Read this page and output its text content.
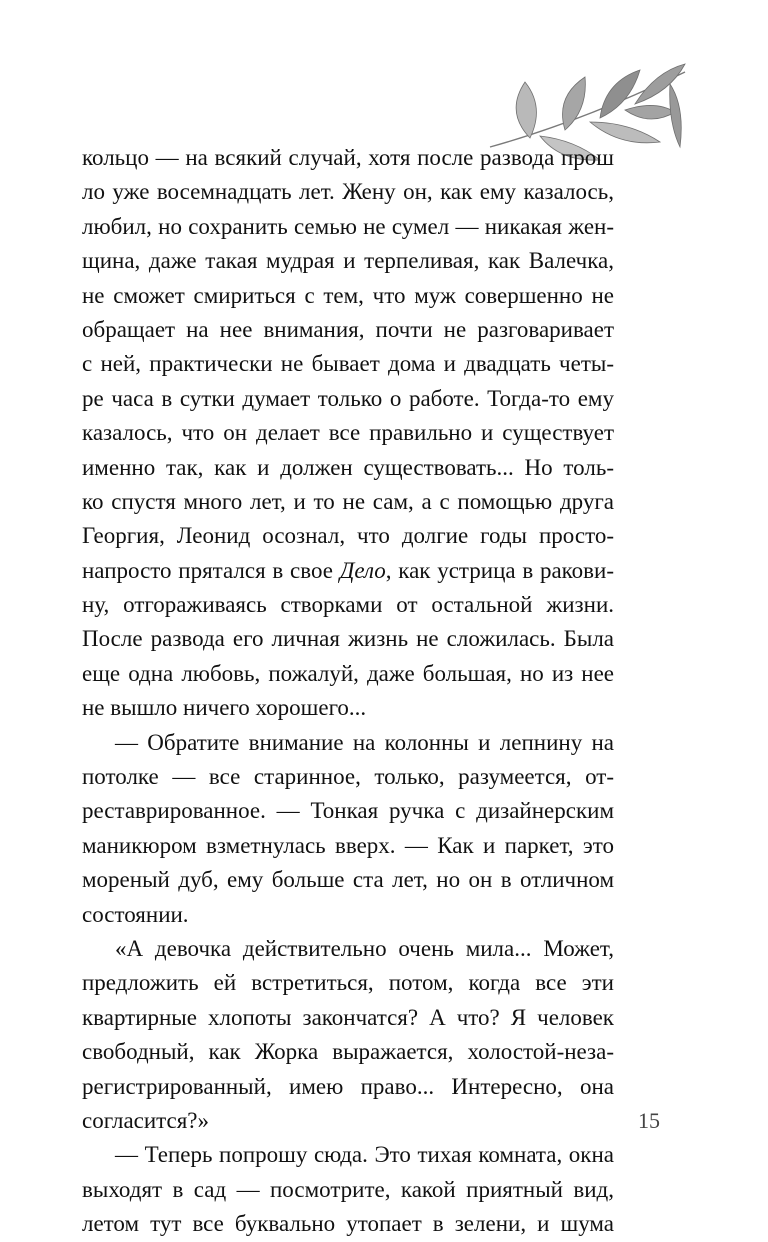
кольцо — на всякий случай, хотя после развода прош
ло уже восемнадцать лет. Жену он, как ему казалось,
любил, но сохранить семью не сумел — никакая жен-
щина, даже такая мудрая и терпеливая, как Валечка,
не сможет смириться с тем, что муж совершенно не
обращает на нее внимания, почти не разговаривает
с ней, практически не бывает дома и двадцать четы-
ре часа в сутки думает только о работе. Тогда-то ему
казалось, что он делает все правильно и существует
именно так, как и должен существовать... Но толь-
ко спустя много лет, и то не сам, а с помощью друга
Георгия, Леонид осознал, что долгие годы просто-
напросто прятался в свое Дело, как устрица в ракови-
ну, отгораживаясь створками от остальной жизни.
После развода его личная жизнь не сложилась. Была
еще одна любовь, пожалуй, даже большая, но из нее
не вышло ничего хорошего...
— Обратите внимание на колонны и лепнину на
потолке — все старинное, только, разумеется, от-
реставрированное. — Тонкая ручка с дизайнерским
маникюром взметнулась вверх. — Как и паркет, это
мореный дуб, ему больше ста лет, но он в отличном
состоянии.
«А девочка действительно очень мила... Может,
предложить ей встретиться, потом, когда все эти
квартирные хлопоты закончатся? А что? Я человек
свободный, как Жорка выражается, холостой-неза-
регистрированный, имею право... Интересно, она
согласится?»
— Теперь попрошу сюда. Это тихая комната, окна
выходят в сад — посмотрите, какой приятный вид,
летом тут все буквально утопает в зелени, и шума
15
